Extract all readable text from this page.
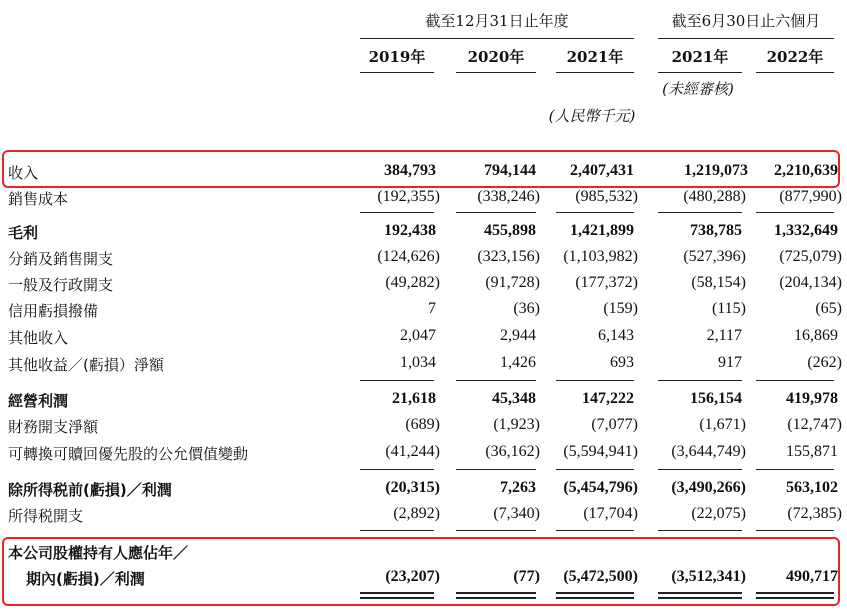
截至12月31日止年度	截至6月30日止六個月
2019年	2020年	2021年	2021年	2022年
(未經審核)
(人民幣千元)
收入	384,793	794,144	2,407,431	1,219,073	2,210,639
銷售成本	(192,355)	(338,246)	(985,532)	(480,288)	(877,990)
毛利	192,438	455,898	1,421,899	738,785	1,332,649
分銷及銷售開支	(124,626)	(323,156)	(1,103,982)	(527,396)	(725,079)
一般及行政開支	(49,282)	(91,728)	(177,372)	(58,154)	(204,134)
信用虧損撥備	7	(36)	(159)	(115)	(65)
其他收入	2,047	2,944	6,143	2,117	16,869
其他收益／(虧損）淨額	1,034	1,426	693	917	(262)
經營利潤	21,618	45,348	147,222	156,154	419,978
財務開支淨額	(689)	(1,923)	(7,077)	(1,671)	(12,747)
可轉換可贖回優先股的公允價值變動	(41,244)	(36,162)	(5,594,941)	(3,644,749)	155,871
除所得税前(虧損)／利潤	(20,315)	7,263	(5,454,796)	(3,490,266)	563,102
所得税開支	(2,892)	(7,340)	(17,704)	(22,075)	(72,385)
本公司股權持有人應佔年／
期內(虧損)／利潤	(23,207)	(77)	(5,472,500)	(3,512,341)	490,717
